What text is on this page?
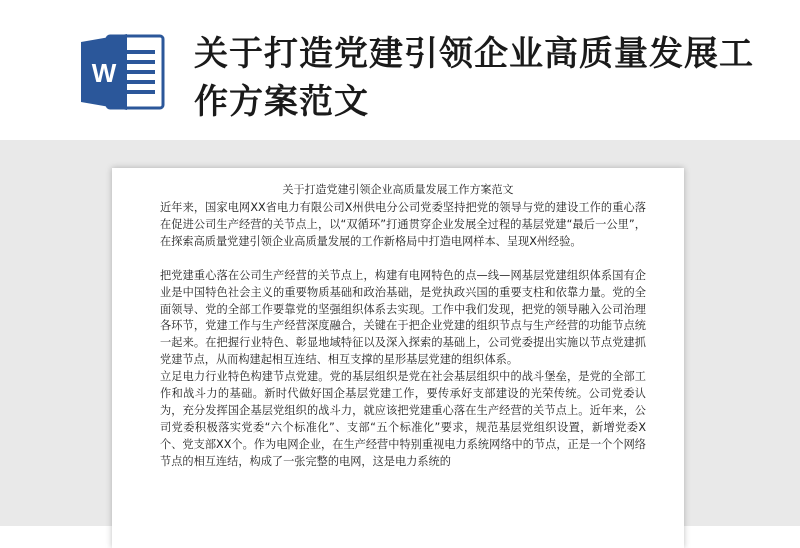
W 关于打造党建引领企业高质量发展工作方案范文
关于打造党建引领企业高质量发展工作方案范文

近年来，国家电网XX省电力有限公司X州供电分公司党委坚持把党的领导与党的建设工作的重心落在促进公司生产经营的关节点上，以“双循环”打通贯穿企业发展全过程的基层党建“最后一公里”，在探索高质量党建引领企业高质量发展的工作新格局中打造电网样本、呈现X州经验。

把党建重心落在公司生产经营的关节点上，构建有电网特色的点—线—网基层党建组织体系国有企业是中国特色社会主义的重要物质基础和政治基础，是党执政兴国的重要支柱和依靠力量。党的全面领导、党的全部工作要靠党的坚强组织体系去实现。工作中我们发现，把党的领导融入公司治理各环节，党建工作与生产经营深度融合，关键在于把企业党建的组织节点与生产经营的功能节点统一起来。在把握行业特色、彰显地域特征以及深入探索的基础上，公司党委提出实施以节点党建抓党建节点，从而构建起相互连结、相互支撑的星形基层党建的组织体系。

立足电力行业特色构建节点党建。党的基层组织是党在社会基层组织中的战斗堡垒，是党的全部工作和战斗力的基础。新时代做好国企基层党建工作，要传承好支部建设的光荣传统。公司党委认为，充分发挥国企基层党组织的战斗力，就应该把党建重心落在生产经营的关节点上。近年来，公司党委积极落实党委“六个标准化”、支部“五个标准化”要求，规范基层党组织设置，新增党委X个、党支部XX个。作为电网企业，在生产经营中特别重视电力系统网络中的节点，正是一个个网络节点的相互连结，构成了一张完整的电网，这是电力系统的
